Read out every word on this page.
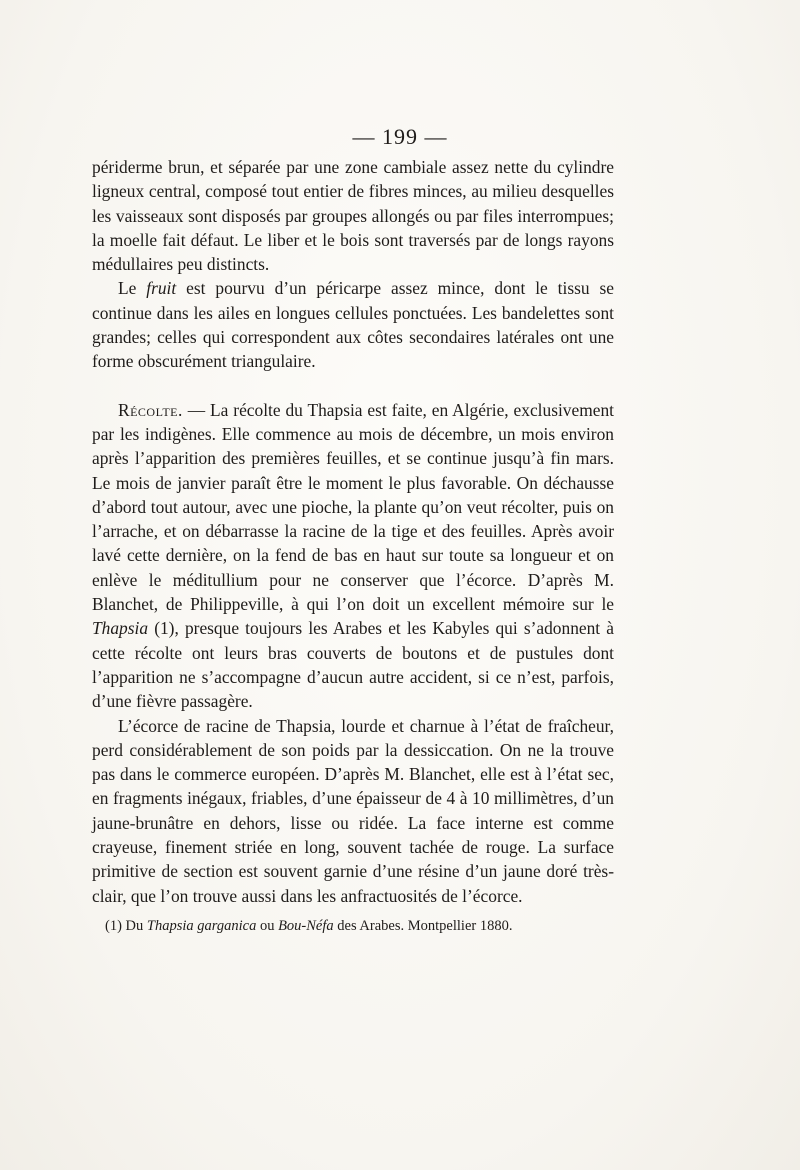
— 199 —

périderme brun, et séparée par une zone cambiale assez nette du cylindre ligneux central, composé tout entier de fibres minces, au milieu desquelles les vaisseaux sont disposés par groupes allongés ou par files interrompues; la moelle fait défaut. Le liber et le bois sont traversés par de longs rayons médullaires peu distincts.

Le fruit est pourvu d’un péricarpe assez mince, dont le tissu se continue dans les ailes en longues cellules ponctuées. Les bandelettes sont grandes; celles qui correspondent aux côtes secondaires latérales ont une forme obscurément triangulaire.

Récolte. — La récolte du Thapsia est faite, en Algérie, exclusivement par les indigènes. Elle commence au mois de décembre, un mois environ après l’apparition des premières feuilles, et se continue jusqu’à fin mars. Le mois de janvier paraît être le moment le plus favorable. On déchausse d’abord tout autour, avec une pioche, la plante qu’on veut récolter, puis on l’arrache, et on débarrasse la racine de la tige et des feuilles. Après avoir lavé cette dernière, on la fend de bas en haut sur toute sa longueur et on enlève le méditullium pour ne conserver que l’écorce. D’après M. Blanchet, de Philippeville, à qui l’on doit un excellent mémoire sur le Thapsia (1), presque toujours les Arabes et les Kabyles qui s’adonnent à cette récolte ont leurs bras couverts de boutons et de pustules dont l’apparition ne s’accompagne d’aucun autre accident, si ce n’est, parfois, d’une fièvre passagère.

L’écorce de racine de Thapsia, lourde et charnue à l’état de fraîcheur, perd considérablement de son poids par la dessiccation. On ne la trouve pas dans le commerce européen. D’après M. Blanchet, elle est à l’état sec, en fragments inégaux, friables, d’une épaisseur de 4 à 10 millimètres, d’un jaune-brunâtre en dehors, lisse ou ridée. La face interne est comme crayeuse, finement striée en long, souvent tachée de rouge. La surface primitive de section est souvent garnie d’une résine d’un jaune doré très-clair, que l’on trouve aussi dans les anfractuosités de l’écorce.

(1) Du Thapsia garganica ou Bou-Néfa des Arabes. Montpellier 1880.
